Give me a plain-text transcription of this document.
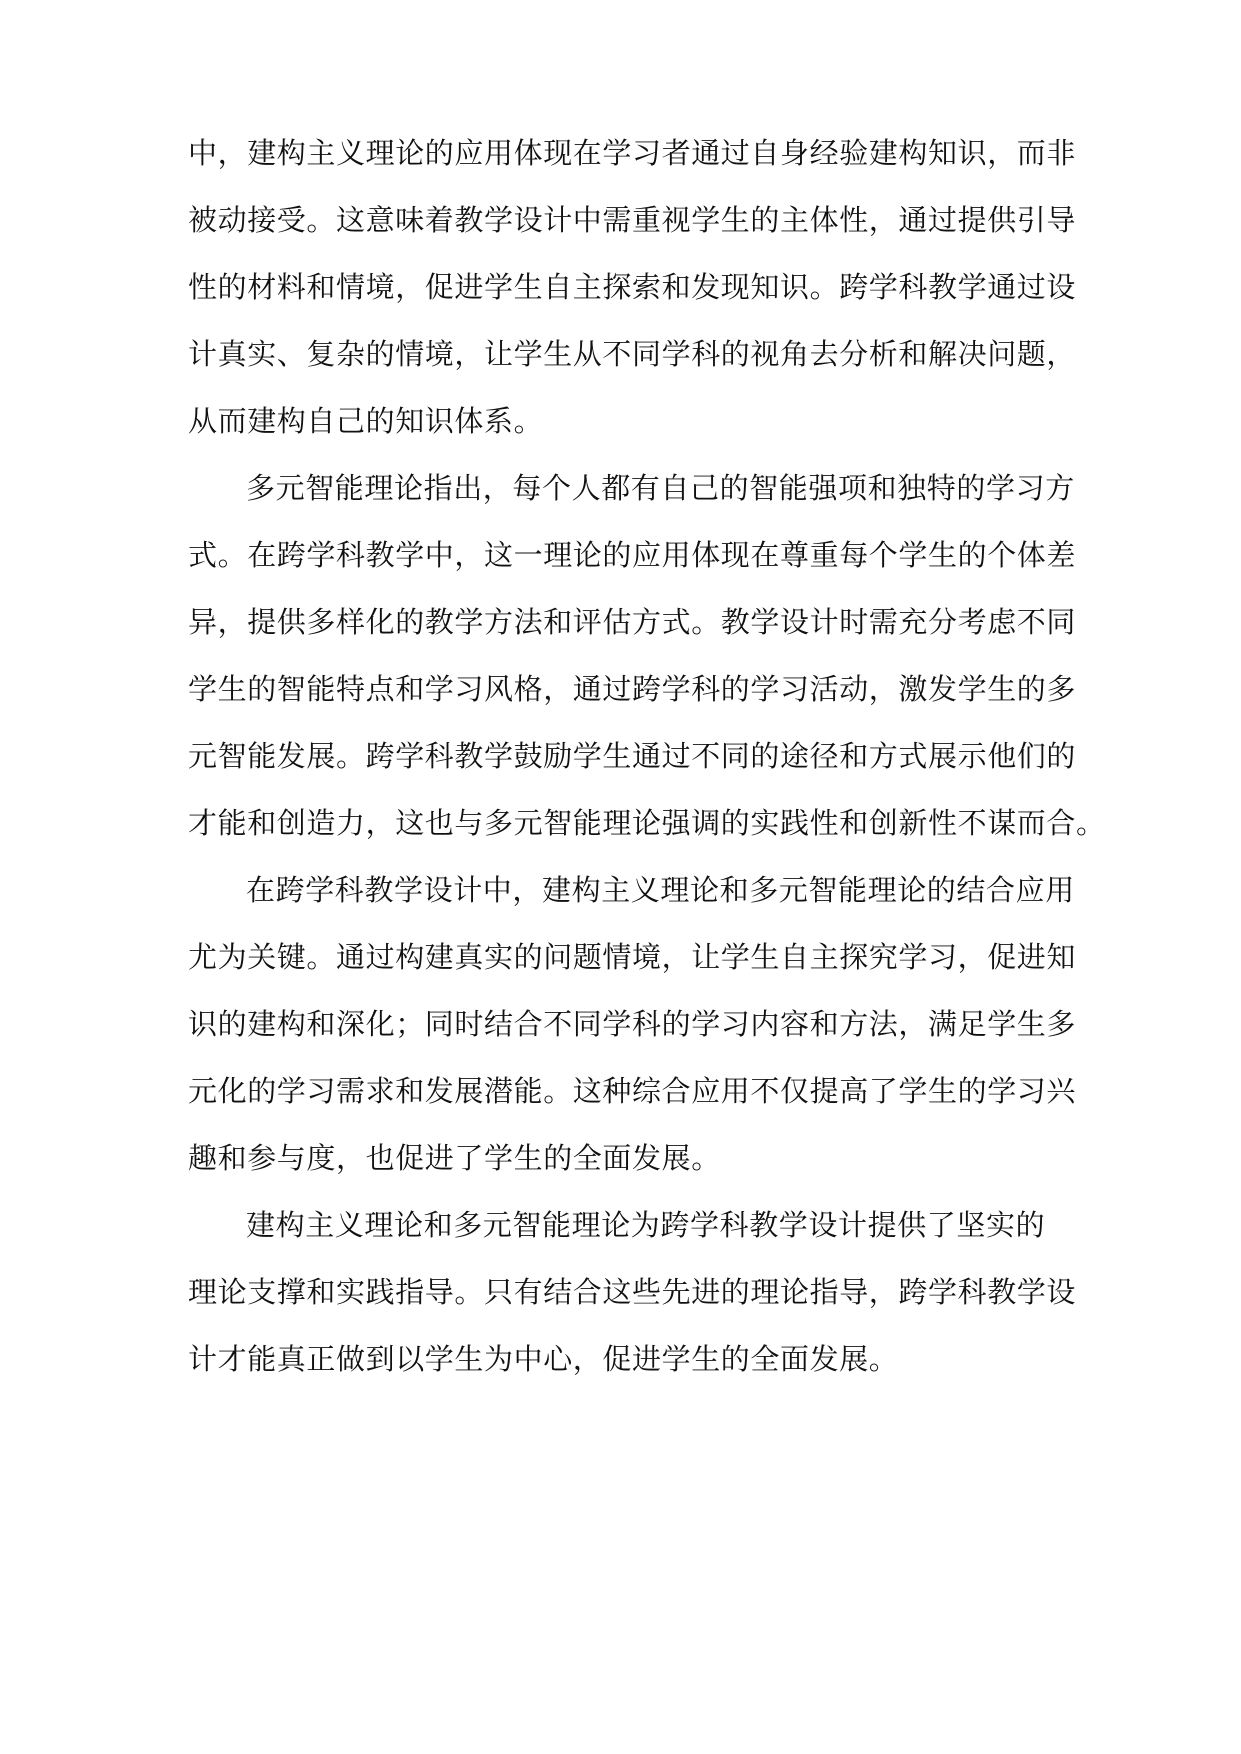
中，建构主义理论的应用体现在学习者通过自身经验建构知识，而非
被动接受。这意味着教学设计中需重视学生的主体性，通过提供引导
性的材料和情境，促进学生自主探索和发现知识。跨学科教学通过设
计真实、复杂的情境，让学生从不同学科的视角去分析和解决问题，
从而建构自己的知识体系。
多元智能理论指出，每个人都有自己的智能强项和独特的学习方
式。在跨学科教学中，这一理论的应用体现在尊重每个学生的个体差
异，提供多样化的教学方法和评估方式。教学设计时需充分考虑不同
学生的智能特点和学习风格，通过跨学科的学习活动，激发学生的多
元智能发展。跨学科教学鼓励学生通过不同的途径和方式展示他们的
才能和创造力，这也与多元智能理论强调的实践性和创新性不谋而合。
在跨学科教学设计中，建构主义理论和多元智能理论的结合应用
尤为关键。通过构建真实的问题情境，让学生自主探究学习，促进知
识的建构和深化；同时结合不同学科的学习内容和方法，满足学生多
元化的学习需求和发展潜能。这种综合应用不仅提高了学生的学习兴
趣和参与度，也促进了学生的全面发展。
建构主义理论和多元智能理论为跨学科教学设计提供了坚实的
理论支撑和实践指导。只有结合这些先进的理论指导，跨学科教学设
计才能真正做到以学生为中心，促进学生的全面发展。
